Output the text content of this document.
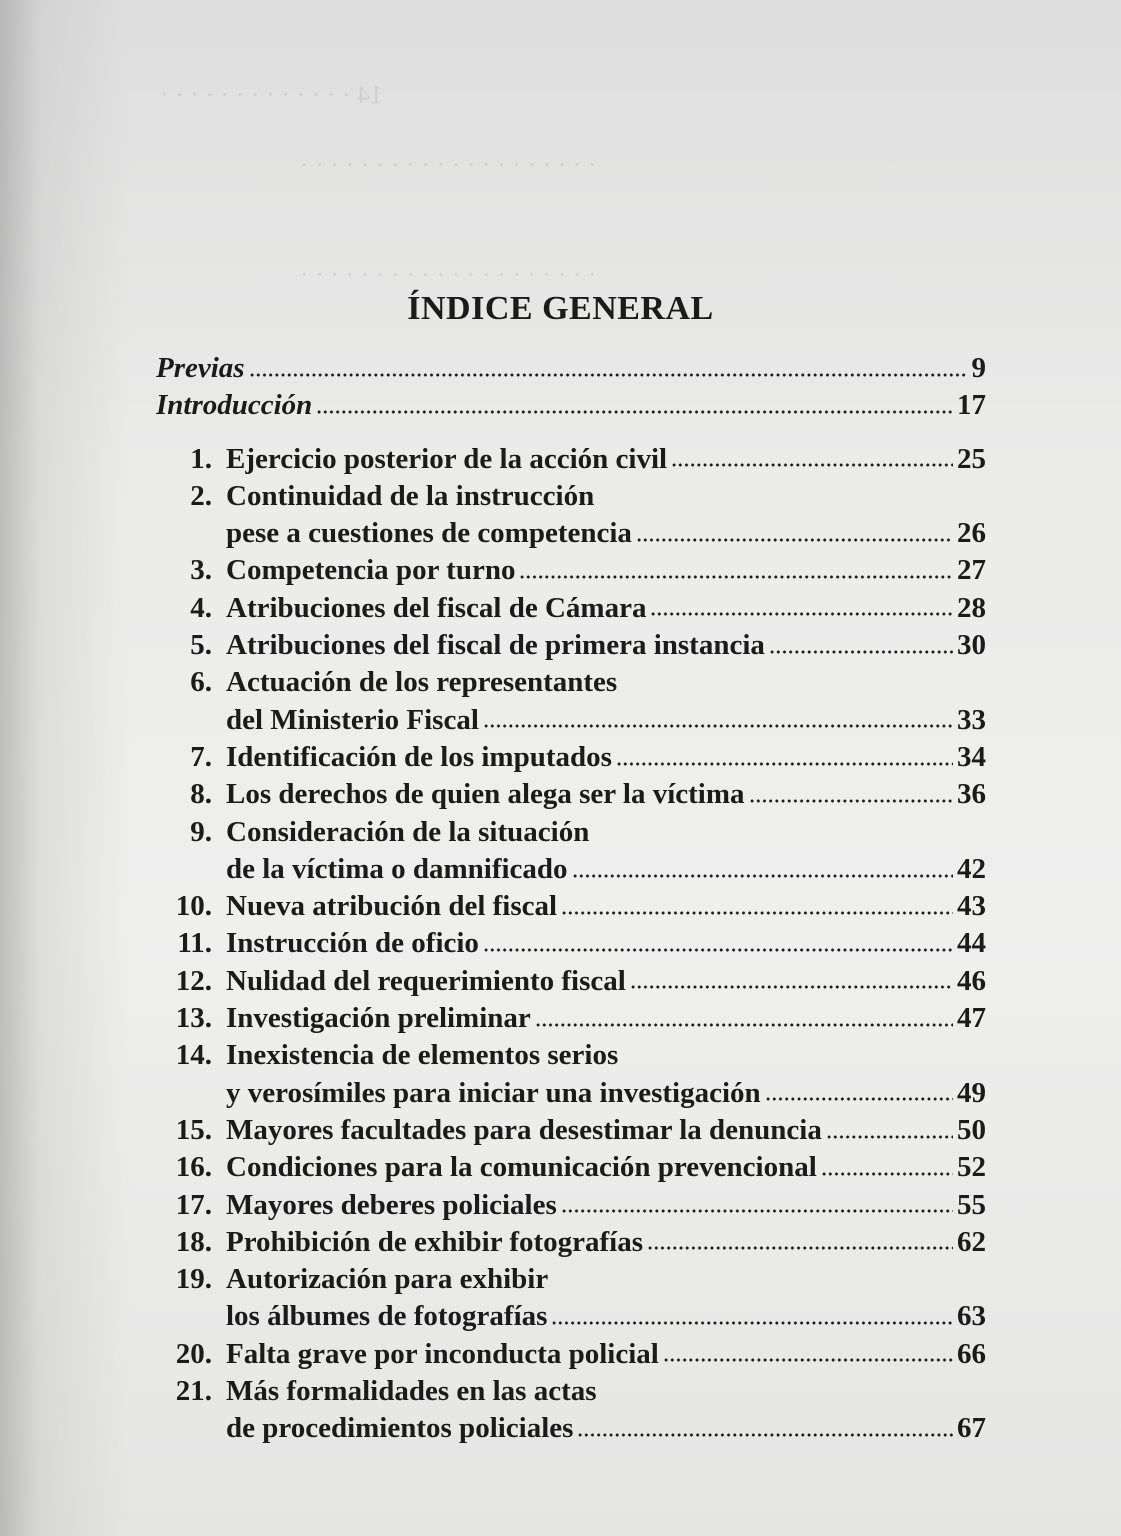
14 · · · · · · · · · · · · ·
· · · · · · · · · · · · · · · · · · · ·
· · · · · · · · · · · · · · · · · · · ·
ÍNDICE GENERAL
Previas	9
Introducción	17
1. Ejercicio posterior de la acción civil	25
2. Continuidad de la instrucción
pese a cuestiones de competencia	26
3. Competencia por turno	27
4. Atribuciones del fiscal de Cámara	28
5. Atribuciones del fiscal de primera instancia	30
6. Actuación de los representantes
del Ministerio Fiscal	33
7. Identificación de los imputados	34
8. Los derechos de quien alega ser la víctima	36
9. Consideración de la situación
de la víctima o damnificado	42
10. Nueva atribución del fiscal	43
11. Instrucción de oficio	44
12. Nulidad del requerimiento fiscal	46
13. Investigación preliminar	47
14. Inexistencia de elementos serios
y verosímiles para iniciar una investigación	49
15. Mayores facultades para desestimar la denuncia	50
16. Condiciones para la comunicación prevencional	52
17. Mayores deberes policiales	55
18. Prohibición de exhibir fotografías	62
19. Autorización para exhibir
los álbumes de fotografías	63
20. Falta grave por inconducta policial	66
21. Más formalidades en las actas
de procedimientos policiales	67
